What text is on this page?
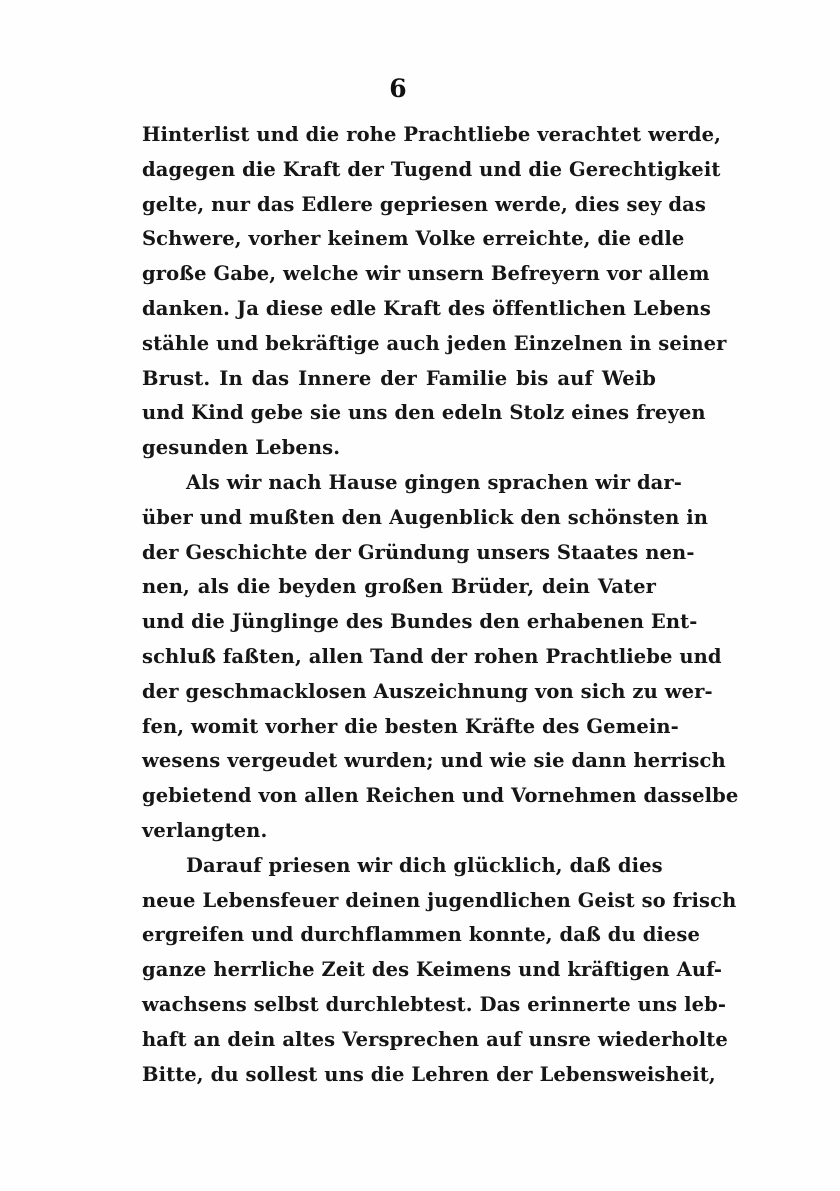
6
Hinterlist und die rohe Prachtliebe verachtet werde,
dagegen die Kraft der Tugend und die Gerechtigkeit
gelte, nur das Edlere gepriesen werde, dies sey das
Schwere, vorher keinem Volke erreichte, die edle
große Gabe, welche wir unsern Befreyern vor allem
danken. Ja diese edle Kraft des öffentlichen Lebens
stähle und bekräftige auch jeden Einzelnen in seiner
Brust. In das Innere der Familie bis auf Weib
und Kind gebe sie uns den edeln Stolz eines freyen
gesunden Lebens.
Als wir nach Hause gingen sprachen wir dar-
über und mußten den Augenblick den schönsten in
der Geschichte der Gründung unsers Staates nen-
nen, als die beyden großen Brüder, dein Vater
und die Jünglinge des Bundes den erhabenen Ent-
schluß faßten, allen Tand der rohen Prachtliebe und
der geschmacklosen Auszeichnung von sich zu wer-
fen, womit vorher die besten Kräfte des Gemein-
wesens vergeudet wurden; und wie sie dann herrisch
gebietend von allen Reichen und Vornehmen dasselbe
verlangten.
Darauf priesen wir dich glücklich, daß dies
neue Lebensfeuer deinen jugendlichen Geist so frisch
ergreifen und durchflammen konnte, daß du diese
ganze herrliche Zeit des Keimens und kräftigen Auf-
wachsens selbst durchlebtest. Das erinnerte uns leb-
haft an dein altes Versprechen auf unsre wiederholte
Bitte, du sollest uns die Lehren der Lebensweisheit,
